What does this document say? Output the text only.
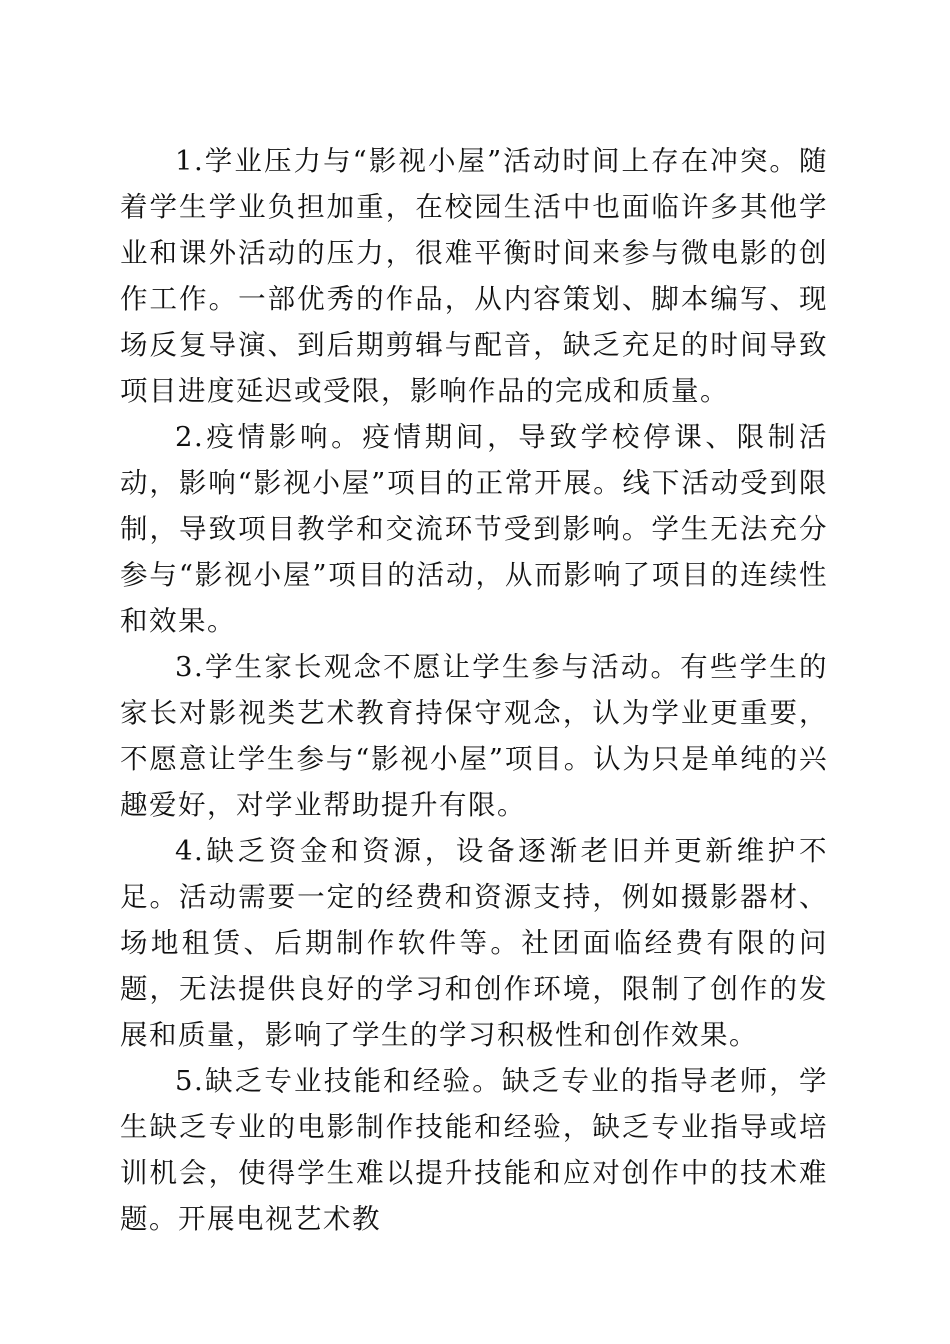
1.学业压力与“影视小屋”活动时间上存在冲突。随着学生学业负担加重，在校园生活中也面临许多其他学业和课外活动的压力，很难平衡时间来参与微电影的创作工作。一部优秀的作品，从内容策划、脚本编写、现场反复导演、到后期剪辑与配音，缺乏充足的时间导致项目进度延迟或受限，影响作品的完成和质量。

2.疫情影响。疫情期间，导致学校停课、限制活动，影响“影视小屋”项目的正常开展。线下活动受到限制，导致项目教学和交流环节受到影响。学生无法充分参与“影视小屋”项目的活动，从而影响了项目的连续性和效果。

3.学生家长观念不愿让学生参与活动。有些学生的家长对影视类艺术教育持保守观念，认为学业更重要，不愿意让学生参与“影视小屋”项目。认为只是单纯的兴趣爱好，对学业帮助提升有限。

4.缺乏资金和资源，设备逐渐老旧并更新维护不足。活动需要一定的经费和资源支持，例如摄影器材、场地租赁、后期制作软件等。社团面临经费有限的问题，无法提供良好的学习和创作环境，限制了创作的发展和质量，影响了学生的学习积极性和创作效果。

5.缺乏专业技能和经验。缺乏专业的指导老师，学生缺乏专业的电影制作技能和经验，缺乏专业指导或培训机会，使得学生难以提升技能和应对创作中的技术难题。开展电视艺术教
